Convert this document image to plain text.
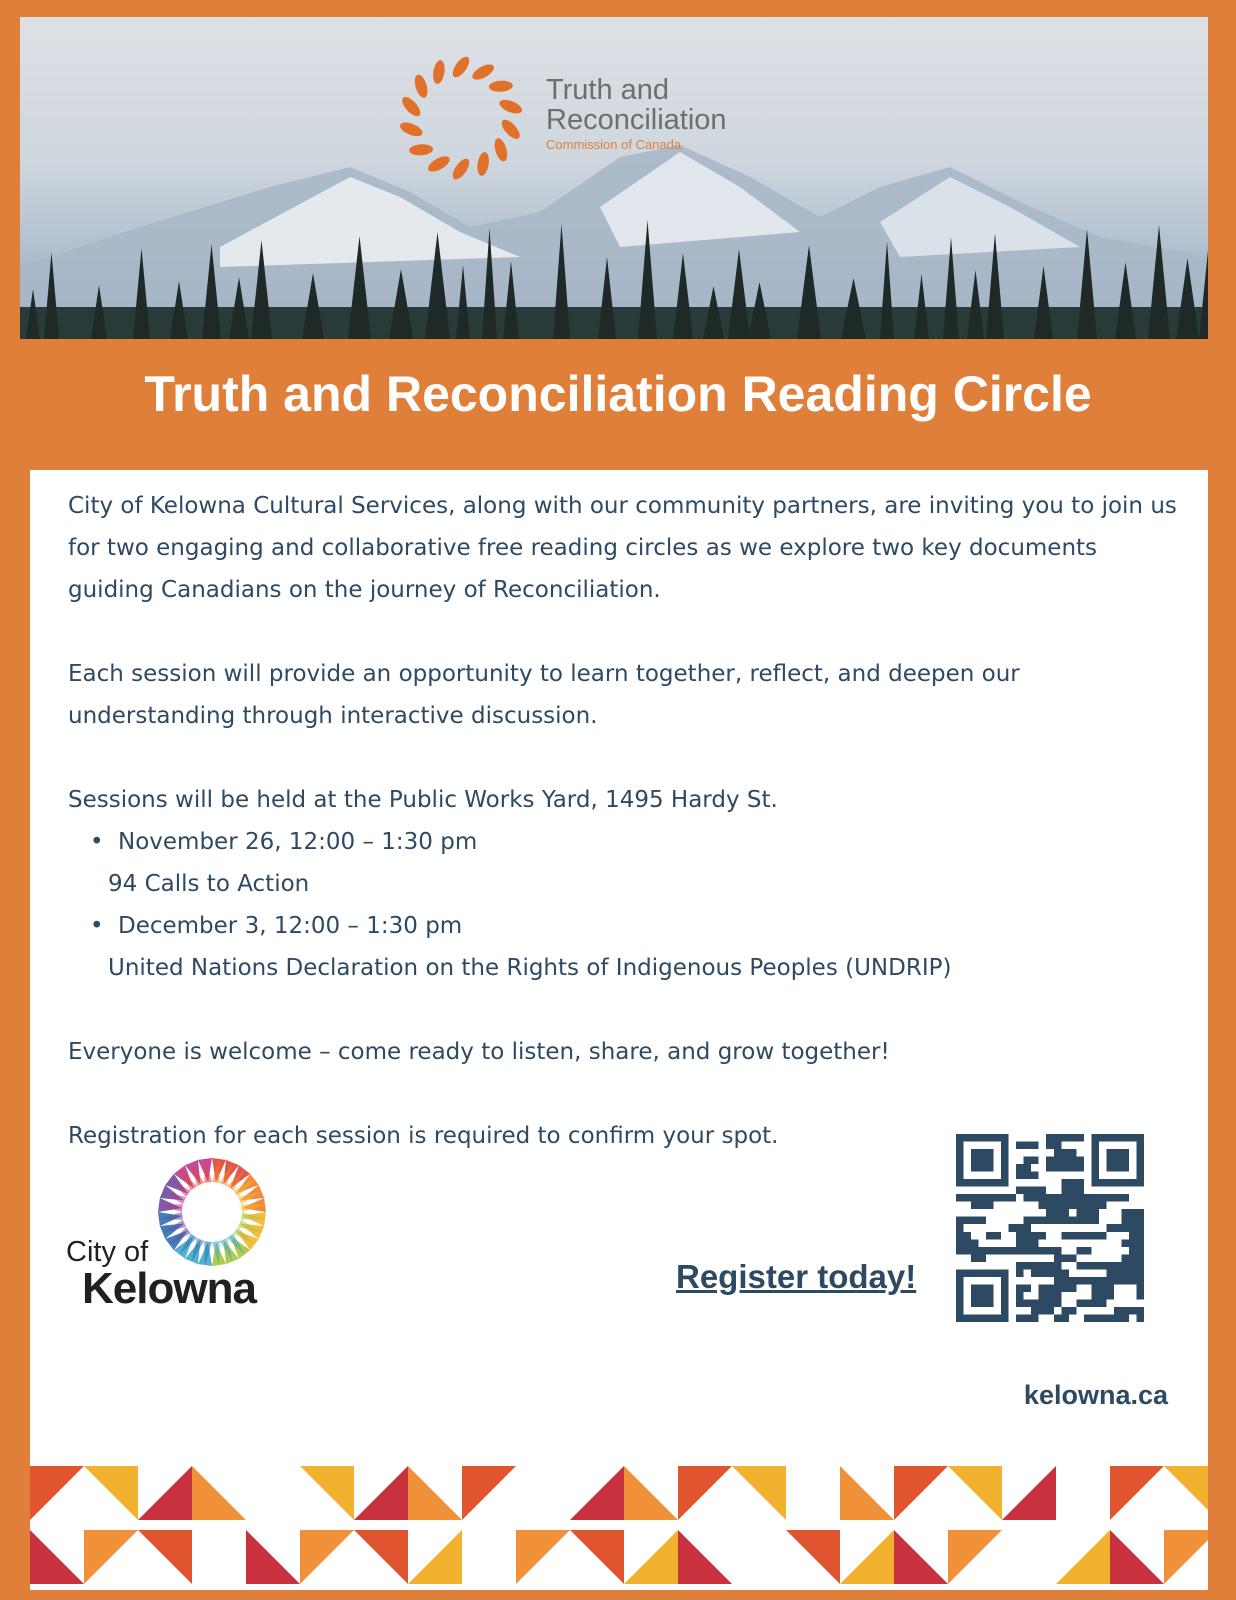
Truth and
Reconciliation
Commission of Canada
Truth and Reconciliation Reading Circle

City of Kelowna Cultural Services, along with our community partners, are inviting you to join us for two engaging and collaborative free reading circles as we explore two key documents guiding Canadians on the journey of Reconciliation.

Each session will provide an opportunity to learn together, reflect, and deepen our understanding through interactive discussion.

Sessions will be held at the Public Works Yard, 1495 Hardy St.

• November 26, 12:00 – 1:30 pm
94 Calls to Action
• December 3, 12:00 – 1:30 pm
United Nations Declaration on the Rights of Indigenous Peoples (UNDRIP)

Everyone is welcome – come ready to listen, share, and grow together!

Registration for each session is required to confirm your spot.

City of
Kelowna	Register today!
kelowna.ca
